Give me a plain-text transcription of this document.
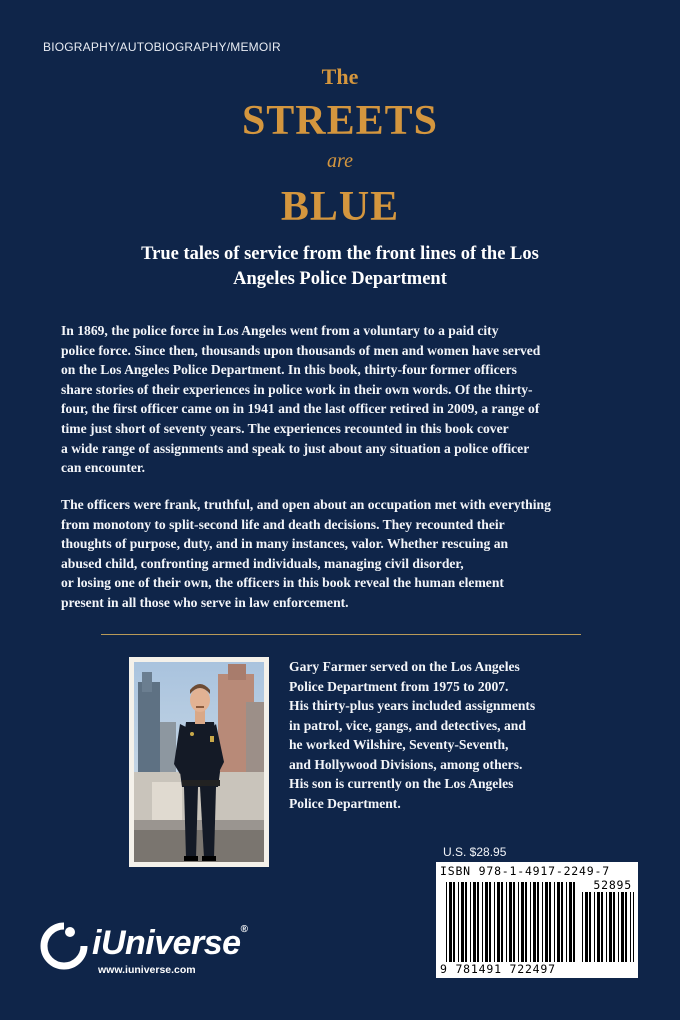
BIOGRAPHY/AUTOBIOGRAPHY/MEMOIR
The
STREETS
are
BLUE
True tales of service from the front lines of the Los Angeles Police Department
In 1869, the police force in Los Angeles went from a voluntary to a paid city
police force. Since then, thousands upon thousands of men and women have served
on the Los Angeles Police Department. In this book, thirty-four former officers
share stories of their experiences in police work in their own words. Of the thirty-
four, the first officer came on in 1941 and the last officer retired in 2009, a range of
time just short of seventy years. The experiences recounted in this book cover
a wide range of assignments and speak to just about any situation a police officer
can encounter.
The officers were frank, truthful, and open about an occupation met with everything
from monotony to split-second life and death decisions. They recounted their
thoughts of purpose, duty, and in many instances, valor. Whether rescuing an
abused child, confronting armed individuals, managing civil disorder,
or losing one of their own, the officers in this book reveal the human element
present in all those who serve in law enforcement.
Gary Farmer served on the Los Angeles
Police Department from 1975 to 2007.
His thirty-plus years included assignments
in patrol, vice, gangs, and detectives, and
he worked Wilshire, Seventy-Seventh,
and Hollywood Divisions, among others.
His son is currently on the Los Angeles
Police Department.
U.S. $28.95
ISBN 978-1-4917-2249-7
52895
9 781491 722497
iUniverse®
www.iuniverse.com
